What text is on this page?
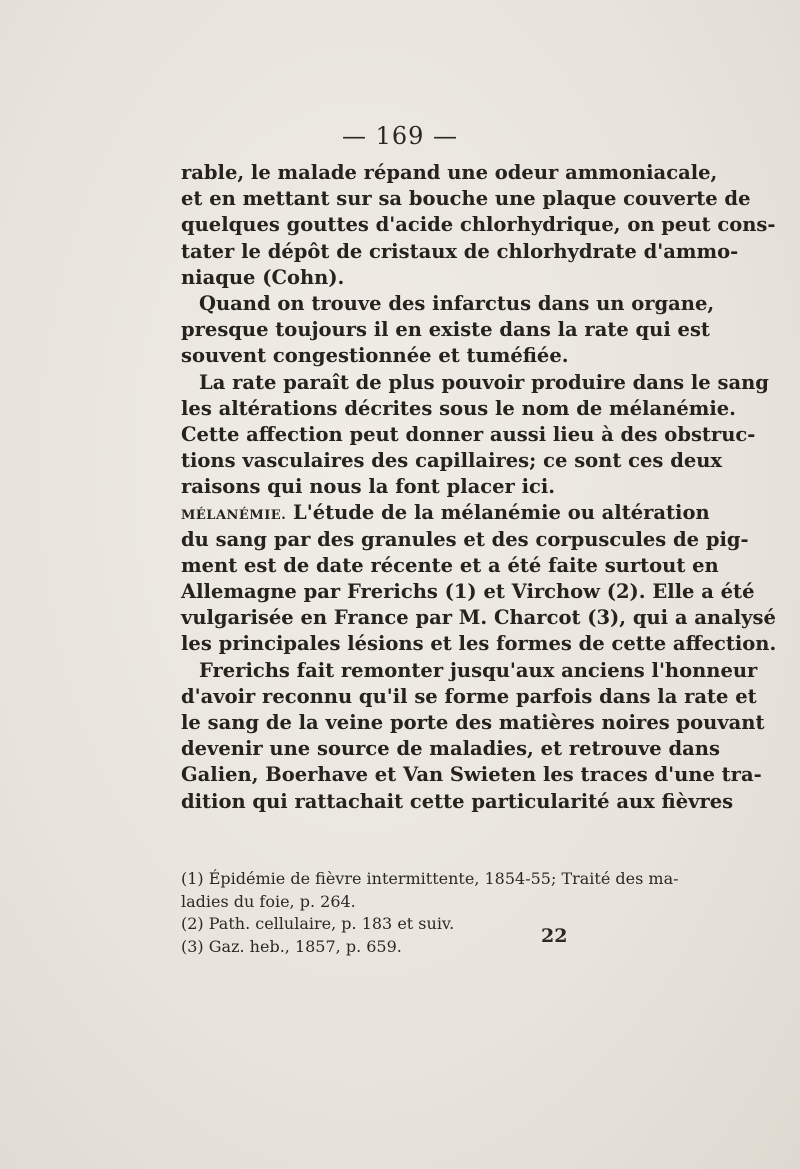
— 169 —
rable, le malade répand une odeur ammoniacale,
et en mettant sur sa bouche une plaque couverte de
quelques gouttes d'acide chlorhydrique, on peut cons-
tater le dépôt de cristaux de chlorhydrate d'ammo-
niaque (Cohn).
Quand on trouve des infarctus dans un organe,
presque toujours il en existe dans la rate qui est
souvent congestionnée et tuméfiée.
La rate paraît de plus pouvoir produire dans le sang
les altérations décrites sous le nom de mélanémie.
Cette affection peut donner aussi lieu à des obstruc-
tions vasculaires des capillaires; ce sont ces deux
raisons qui nous la font placer ici.
MÉLANÉMIE. L'étude de la mélanémie ou altération
du sang par des granules et des corpuscules de pig-
ment est de date récente et a été faite surtout en
Allemagne par Frerichs (1) et Virchow (2). Elle a été
vulgarisée en France par M. Charcot (3), qui a analysé
les principales lésions et les formes de cette affection.
Frerichs fait remonter jusqu'aux anciens l'honneur
d'avoir reconnu qu'il se forme parfois dans la rate et
le sang de la veine porte des matières noires pouvant
devenir une source de maladies, et retrouve dans
Galien, Boerhave et Van Swieten les traces d'une tra-
dition qui rattachait cette particularité aux fièvres
(1) Épidémie de fièvre intermittente, 1854-55; Traité des ma-
ladies du foie, p. 264.
(2) Path. cellulaire, p. 183 et suiv.
(3) Gaz. heb., 1857, p. 659.	22
